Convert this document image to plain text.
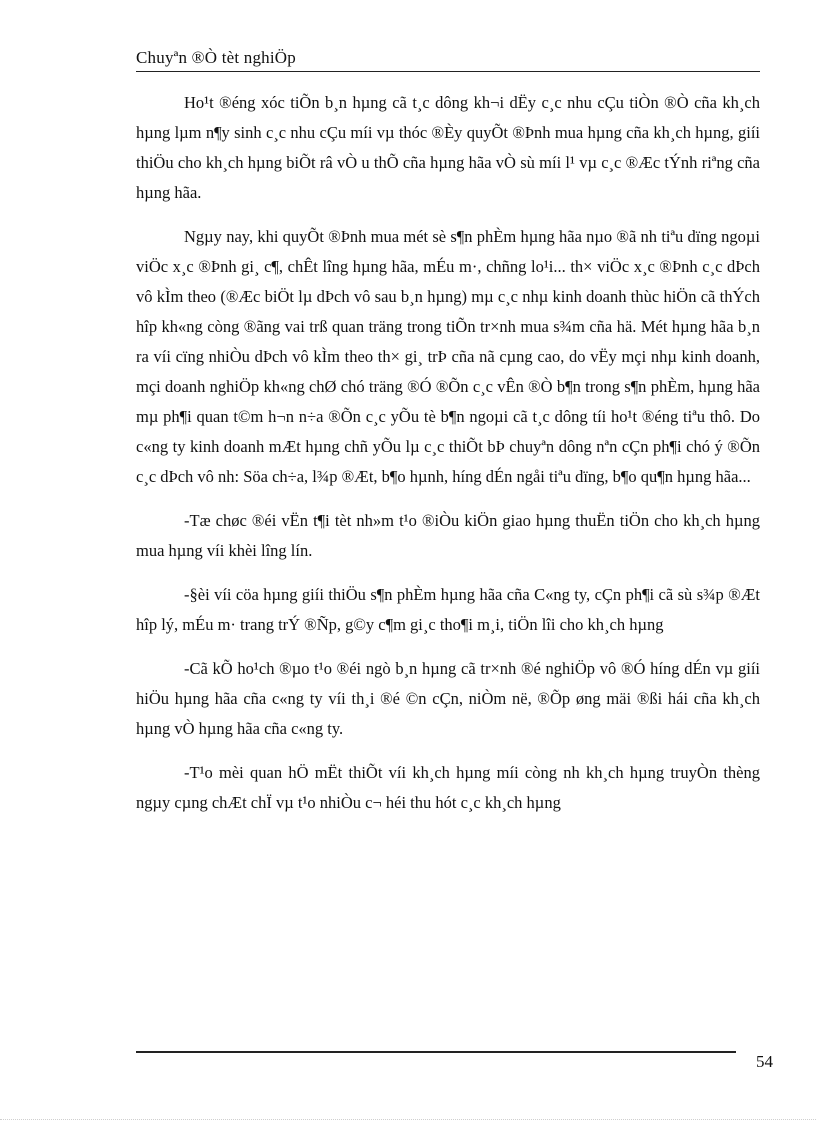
Chuyªn ®Ò tèt nghiÖp

Ho¹t ®éng xóc tiÕn b¸n hµng cã t¸c dông kh¬i dËy c¸c nhu cÇu tiÒn ®Ò cña kh¸ch hµng lµm n¶y sinh c¸c nhu cÇu míi vµ thóc ®Èy quyÕt ®Þnh mua hµng cña kh¸ch hµng, giíi thiÖu cho kh¸ch hµng biÕt râ vÒ u thÕ cña hµng hãa vÒ sù míi l¹ vµ c¸c ®Æc tÝnh riªng cña hµng hãa.

Ngµy nay, khi quyÕt ®Þnh mua mét sè s¶n phÈm hµng hãa nµo ®ã nh tiªu dïng ngoµi viÖc x¸c ®Þnh gi¸ c¶, chÊt lîng hµng hãa, mÉu m·, chñng lo¹i... th× viÖc x¸c ®Þnh c¸c dÞch vô kÌm theo (®Æc biÖt lµ dÞch vô sau b¸n hµng) mµ c¸c nhµ kinh doanh thùc hiÖn cã thÝch hîp kh«ng còng ®ãng vai trß quan träng trong tiÕn tr×nh mua s¾m cña hä. Mét hµng hãa b¸n ra víi cïng nhiÒu dÞch vô kÌm theo th× gi¸ trÞ cña nã cµng cao, do vËy mçi nhµ kinh doanh, mçi doanh nghiÖp kh«ng chØ chó träng ®Ó ®Õn c¸c vÊn ®Ò b¶n trong s¶n phÈm, hµng hãa mµ ph¶i quan t©m h¬n n÷a ®Õn c¸c yÕu tè b¶n ngoµi cã t¸c dông tíi ho¹t ®éng tiªu thô. Do c«ng ty kinh doanh mÆt hµng chñ yÕu lµ c¸c thiÕt bÞ chuyªn dông nªn cÇn ph¶i chó ý ®Õn c¸c dÞch vô nh: Söa ch÷a, l¾p ®Æt, b¶o hµnh, híng dÉn ngåi tiªu dïng, b¶o qu¶n hµng hãa...

-Tæ chøc ®éi vËn t¶i tèt nh»m t¹o ®iÒu kiÖn giao hµng thuËn tiÖn cho kh¸ch hµng mua hµng víi khèi lîng lín.

-§èi víi cöa hµng giíi thiÖu s¶n phÈm hµng hãa cña C«ng ty, cÇn ph¶i cã sù s¾p ®Æt hîp lý, mÉu m· trang trÝ ®Ñp, g©y c¶m gi¸c tho¶i m¸i, tiÖn lîi cho kh¸ch hµng

-Cã kÕ ho¹ch ®µo t¹o ®éi ngò b¸n hµng cã tr×nh ®é nghiÖp vô ®Ó híng dÉn vµ giíi hiÖu hµng hãa cña c«ng ty víi th¸i ®é ©n cÇn, niÒm në, ®Õp øng mäi ®ßi hái cña kh¸ch hµng vÒ hµng hãa cña c«ng ty.

-T¹o mèi quan hÖ mËt thiÕt víi kh¸ch hµng míi còng nh kh¸ch hµng truyÒn thèng ngµy cµng chÆt chÏ vµ t¹o nhiÒu c¬ héi thu hót c¸c kh¸ch hµng

54
